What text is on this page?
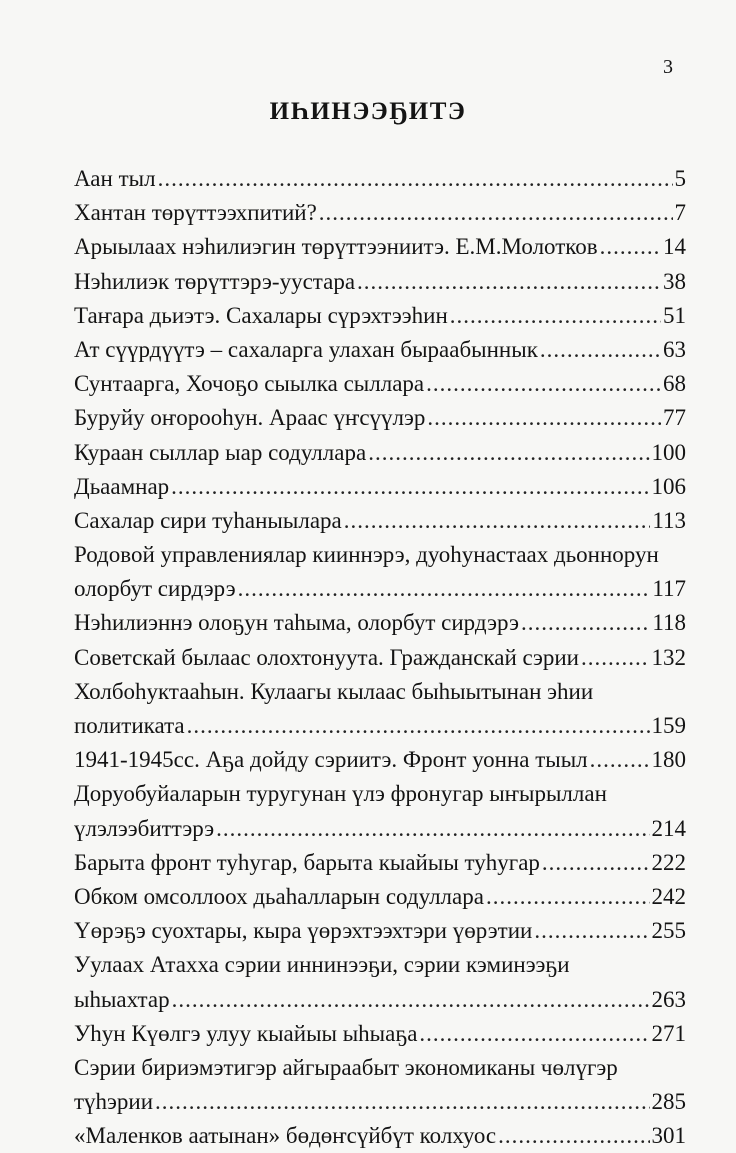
3
ИҺИНЭЭҔИТЭ
Аан тыл .....	5
Хантан төрүттээхпитий? .....	7
Арыылаах нэһилиэгин төрүттээниитэ. Е.М.Молотков .....	14
Нэһилиэк төрүттэрэ-уустара .....	38
Таҥара дьиэтэ. Сахалары сүрэхтээһин .....	51
Ат сүүрдүүтэ – сахаларга улахан быраабыннык .....	63
Сунтаарга, Хочоҕо сыылка сыллара .....	68
Буруйу оҥорооһун. Араас үҥсүүлэр .....	77
Кураан сыллар ыар содуллара .....	100
Дьаамнар .....	106
Сахалар сири туһаныылара .....	113
Родовой управлениялар кииннэрэ, дуоһунастаах дьоннорун
олорбут сирдэрэ .....	117
Нэһилиэннэ олоҕун таһыма, олорбут сирдэрэ .....	118
Советскай былаас олохтонуута. Гражданскай сэрии .....	132
Холбоһуктааһын. Кулаагы кылаас быһыытынан эһии
политиката .....	159
1941-1945сс. Аҕа дойду сэриитэ. Фронт уонна тыыл .....	180
Доруобуйаларын туругунан үлэ фронугар ыҥырыллан
үлэлээбиттэрэ .....	214
Барыта фронт туһугар, барыта кыайыы туһугар .....	222
Обком омсоллоох дьаһалларын содуллара .....	242
Үөрэҕэ суохтары, кыра үөрэхтээхтэри үөрэтии .....	255
Уулаах Атахха сэрии иннинээҕи, сэрии кэминээҕи
ыһыахтар .....	263
Уһун Күөлгэ улуу кыайыы ыһыаҕа .....	271
Сэрии бириэмэтигэр айгыраабыт экономиканы чөлүгэр
түһэрии .....	285
«Маленков аатынан» бөдөҥсүйбүт колхуос .....	301
